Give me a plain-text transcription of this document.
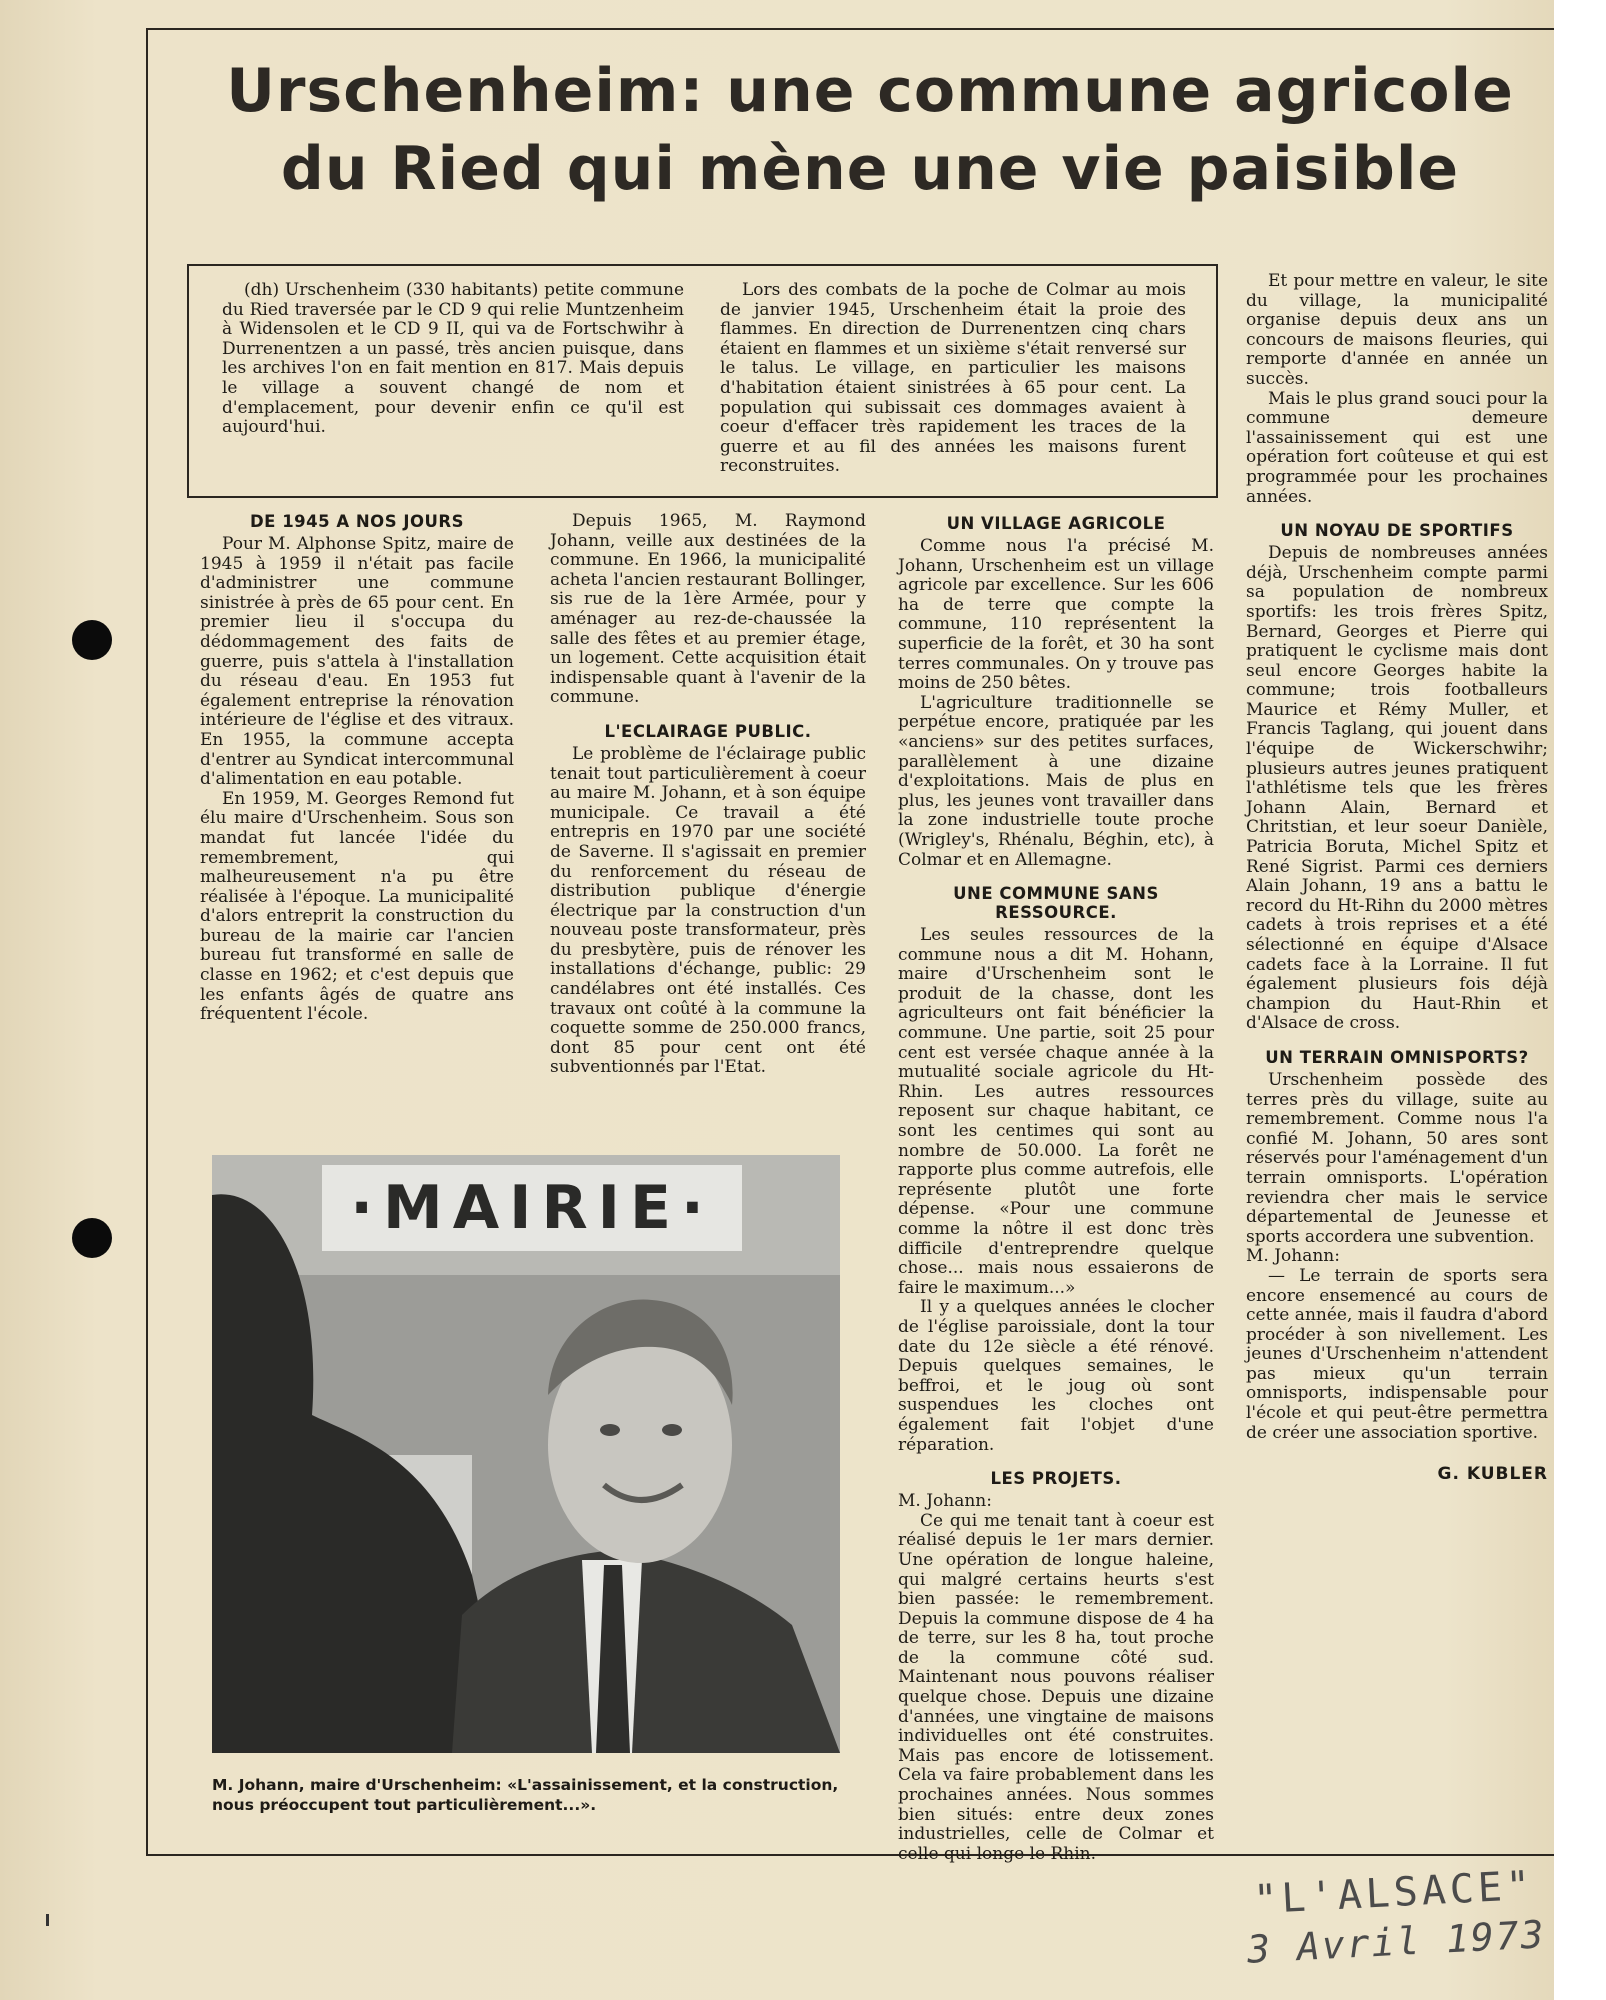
Urschenheim: une commune agricole du Ried qui mène une vie paisible

(dh) Urschenheim (330 habitants) petite commune du Ried traversée par le CD 9 qui relie Muntzenheim à Widensolen et le CD 9 II, qui va de Fortschwihr à Durrenentzen a un passé, très ancien puisque, dans les archives l'on en fait mention en 817. Mais depuis le village a souvent changé de nom et d'emplacement, pour devenir enfin ce qu'il est aujourd'hui.

Lors des combats de la poche de Colmar au mois de janvier 1945, Urschenheim était la proie des flammes. En direction de Durrenentzen cinq chars étaient en flammes et un sixième s'était renversé sur le talus. Le village, en particulier les maisons d'habitation étaient sinistrées à 65 pour cent. La population qui subissait ces dommages avaient à coeur d'effacer très rapidement les traces de la guerre et au fil des années les maisons furent reconstruites.

DE 1945 A NOS JOURS

Pour M. Alphonse Spitz, maire de 1945 à 1959 il n'était pas facile d'administrer une commune sinistrée à près de 65 pour cent. En premier lieu il s'occupa du dédommagement des faits de guerre, puis s'attela à l'installation du réseau d'eau. En 1953 fut également entreprise la rénovation intérieure de l'église et des vitraux. En 1955, la commune accepta d'entrer au Syndicat intercommunal d'alimentation en eau potable.

En 1959, M. Georges Remond fut élu maire d'Urschenheim. Sous son mandat fut lancée l'idée du remembrement, qui malheureusement n'a pu être réalisée à l'époque. La municipalité d'alors entreprit la construction du bureau de la mairie car l'ancien bureau fut transformé en salle de classe en 1962; et c'est depuis que les enfants âgés de quatre ans fréquentent l'école.

Depuis 1965, M. Raymond Johann, veille aux destinées de la commune. En 1966, la municipalité acheta l'ancien restaurant Bollinger, sis rue de la 1ère Armée, pour y aménager au rez-de-chaussée la salle des fêtes et au premier étage, un logement. Cette acquisition était indispensable quant à l'avenir de la commune.

L'ECLAIRAGE PUBLIC.

Le problème de l'éclairage public tenait tout particulièrement à coeur au maire M. Johann, et à son équipe municipale. Ce travail a été entrepris en 1970 par une société de Saverne. Il s'agissait en premier du renforcement du réseau de distribution publique d'énergie électrique par la construction d'un nouveau poste transformateur, près du presbytère, puis de rénover les installations d'échange, public: 29 candélabres ont été installés. Ces travaux ont coûté à la commune la coquette somme de 250.000 francs, dont 85 pour cent ont été subventionnés par l'Etat.

UN VILLAGE AGRICOLE

Comme nous l'a précisé M. Johann, Urschenheim est un village agricole par excellence. Sur les 606 ha de terre que compte la commune, 110 représentent la superficie de la forêt, et 30 ha sont terres communales. On y trouve pas moins de 250 bêtes.

L'agriculture traditionnelle se perpétue encore, pratiquée par les «anciens» sur des petites surfaces, parallèlement à une dizaine d'exploitations. Mais de plus en plus, les jeunes vont travailler dans la zone industrielle toute proche (Wrigley's, Rhénalu, Béghin, etc), à Colmar et en Allemagne.

UNE COMMUNE SANS RESSOURCE.

Les seules ressources de la commune nous a dit M. Hohann, maire d'Urschenheim sont le produit de la chasse, dont les agriculteurs ont fait bénéficier la commune. Une partie, soit 25 pour cent est versée chaque année à la mutualité sociale agricole du Ht-Rhin. Les autres ressources reposent sur chaque habitant, ce sont les centimes qui sont au nombre de 50.000. La forêt ne rapporte plus comme autrefois, elle représente plutôt une forte dépense. «Pour une commune comme la nôtre il est donc très difficile d'entreprendre quelque chose... mais nous essaierons de faire le maximum...»

Il y a quelques années le clocher de l'église paroissiale, dont la tour date du 12e siècle a été rénové. Depuis quelques semaines, le beffroi, et le joug où sont suspendues les cloches ont également fait l'objet d'une réparation.

LES PROJETS.

M. Johann:

Ce qui me tenait tant à coeur est réalisé depuis le 1er mars dernier. Une opération de longue haleine, qui malgré certains heurts s'est bien passée: le remembrement. Depuis la commune dispose de 4 ha de terre, sur les 8 ha, tout proche de la commune côté sud. Maintenant nous pouvons réaliser quelque chose. Depuis une dizaine d'années, une vingtaine de maisons individuelles ont été construites. Mais pas encore de lotissement. Cela va faire probablement dans les prochaines années. Nous sommes bien situés: entre deux zones industrielles, celle de Colmar et celle qui longe le Rhin.

Et pour mettre en valeur, le site du village, la municipalité organise depuis deux ans un concours de maisons fleuries, qui remporte d'année en année un succès.

Mais le plus grand souci pour la commune demeure l'assainissement qui est une opération fort coûteuse et qui est programmée pour les prochaines années.

UN NOYAU DE SPORTIFS

Depuis de nombreuses années déjà, Urschenheim compte parmi sa population de nombreux sportifs: les trois frères Spitz, Bernard, Georges et Pierre qui pratiquent le cyclisme mais dont seul encore Georges habite la commune; trois footballeurs Maurice et Rémy Muller, et Francis Taglang, qui jouent dans l'équipe de Wickerschwihr; plusieurs autres jeunes pratiquent l'athlétisme tels que les frères Johann Alain, Bernard et Chritstian, et leur soeur Danièle, Patricia Boruta, Michel Spitz et René Sigrist. Parmi ces derniers Alain Johann, 19 ans a battu le record du Ht-Rihn du 2000 mètres cadets à trois reprises et a été sélectionné en équipe d'Alsace cadets face à la Lorraine. Il fut également plusieurs fois déjà champion du Haut-Rhin et d'Alsace de cross.

UN TERRAIN OMNISPORTS?

Urschenheim possède des terres près du village, suite au remembrement. Comme nous l'a confié M. Johann, 50 ares sont réservés pour l'aménagement d'un terrain omnisports. L'opération reviendra cher mais le service départemental de Jeunesse et sports accordera une subvention.

M. Johann:

— Le terrain de sports sera encore ensemencé au cours de cette année, mais il faudra d'abord procéder à son nivellement. Les jeunes d'Urschenheim n'attendent pas mieux qu'un terrain omnisports, indispensable pour l'école et qui peut-être permettra de créer une association sportive.

G. KUBLER
·MAIRIE·
M. Johann, maire d'Urschenheim: «L'assainissement, et la construction, nous préoccupent tout particulièrement...».
"L'ALSACE"
3 Avril 1973
